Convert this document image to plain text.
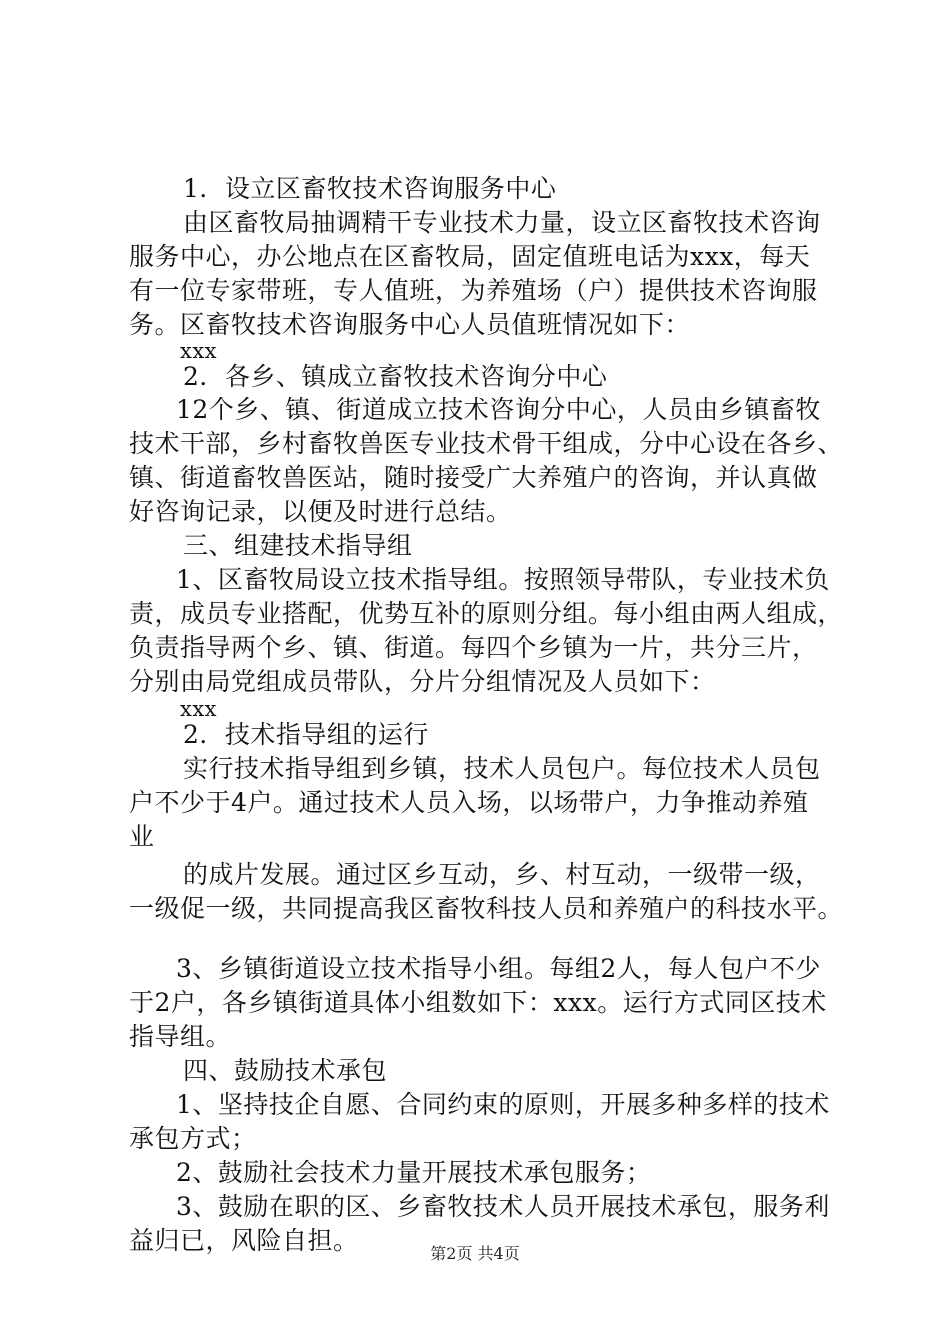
1．设立区畜牧技术咨询服务中心
由区畜牧局抽调精干专业技术力量，设立区畜牧技术咨询
服务中心，办公地点在区畜牧局，固定值班电话为xxx，每天
有一位专家带班，专人值班，为养殖场（户）提供技术咨询服
务。区畜牧技术咨询服务中心人员值班情况如下：
xxx
2．各乡、镇成立畜牧技术咨询分中心
12个乡、镇、街道成立技术咨询分中心，人员由乡镇畜牧
技术干部，乡村畜牧兽医专业技术骨干组成，分中心设在各乡、
镇、街道畜牧兽医站，随时接受广大养殖户的咨询，并认真做
好咨询记录，以便及时进行总结。
三、组建技术指导组
1、区畜牧局设立技术指导组。按照领导带队，专业技术负
责，成员专业搭配，优势互补的原则分组。每小组由两人组成，
负责指导两个乡、镇、街道。每四个乡镇为一片，共分三片，
分别由局党组成员带队，分片分组情况及人员如下：
xxx
2．技术指导组的运行
实行技术指导组到乡镇，技术人员包户。每位技术人员包
户不少于4户。通过技术人员入场，以场带户，力争推动养殖
业
的成片发展。通过区乡互动，乡、村互动，一级带一级，
一级促一级，共同提高我区畜牧科技人员和养殖户的科技水平。
3、乡镇街道设立技术指导小组。每组2人，每人包户不少
于2户，各乡镇街道具体小组数如下：xxx。运行方式同区技术
指导组。
四、鼓励技术承包
1、坚持技企自愿、合同约束的原则，开展多种多样的技术
承包方式；
2、鼓励社会技术力量开展技术承包服务；
3、鼓励在职的区、乡畜牧技术人员开展技术承包，服务利
益归已，风险自担。	第2页 共4页
